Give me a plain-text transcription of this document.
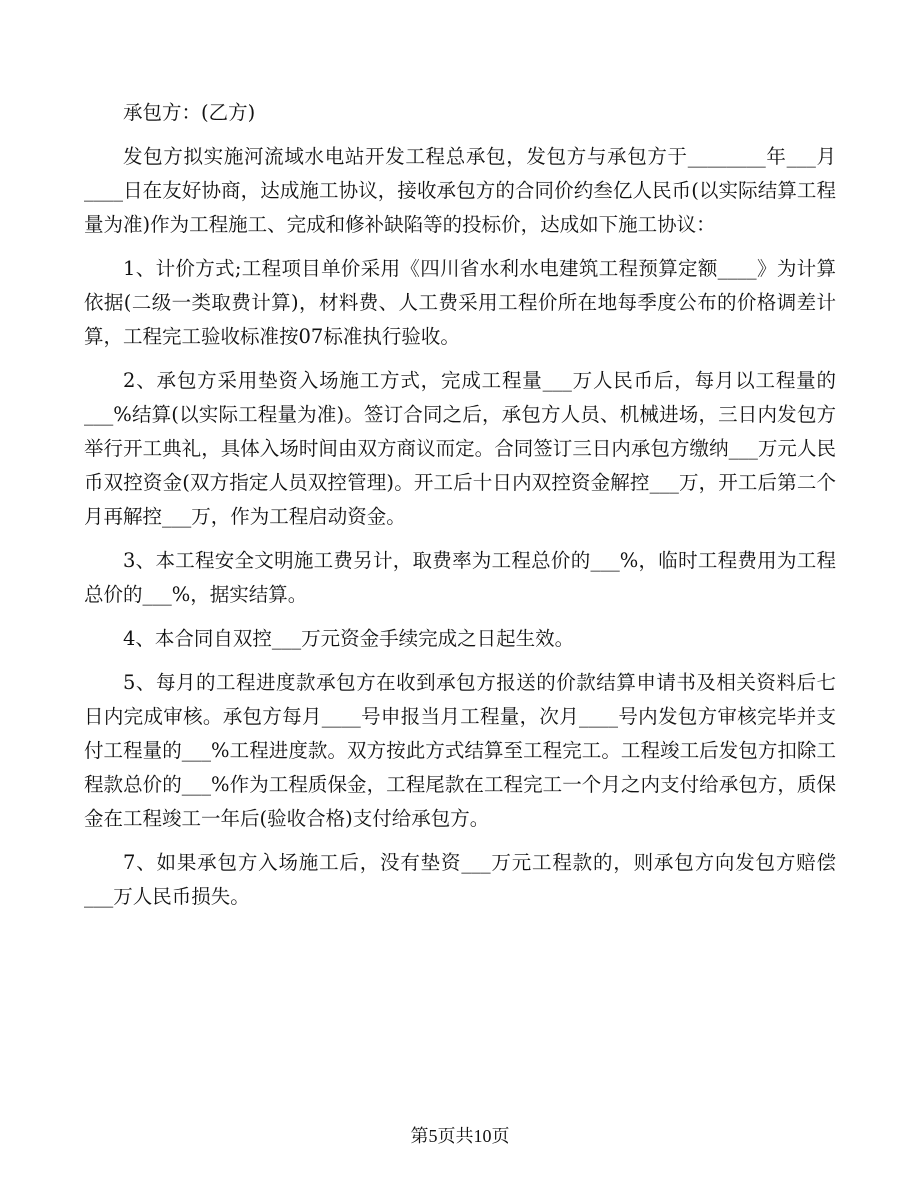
承包方：(乙方)

发包方拟实施河流域水电站开发工程总承包，发包方与承包方于________年___月____日在友好协商，达成施工协议，接收承包方的合同价约叁亿人民币(以实际结算工程量为准)作为工程施工、完成和修补缺陷等的投标价，达成如下施工协议：

1、计价方式;工程项目单价采用《四川省水利水电建筑工程预算定额____》为计算依据(二级一类取费计算)，材料费、人工费采用工程价所在地每季度公布的价格调差计算，工程完工验收标准按07标准执行验收。

2、承包方采用垫资入场施工方式，完成工程量___万人民币后，每月以工程量的___%结算(以实际工程量为准)。签订合同之后，承包方人员、机械进场，三日内发包方举行开工典礼，具体入场时间由双方商议而定。合同签订三日内承包方缴纳___万元人民币双控资金(双方指定人员双控管理)。开工后十日内双控资金解控___万，开工后第二个月再解控___万，作为工程启动资金。

3、本工程安全文明施工费另计，取费率为工程总价的___%，临时工程费用为工程总价的___%，据实结算。

4、本合同自双控___万元资金手续完成之日起生效。

5、每月的工程进度款承包方在收到承包方报送的价款结算申请书及相关资料后七日内完成审核。承包方每月____号申报当月工程量，次月____号内发包方审核完毕并支付工程量的___%工程进度款。双方按此方式结算至工程完工。工程竣工后发包方扣除工程款总价的___%作为工程质保金，工程尾款在工程完工一个月之内支付给承包方，质保金在工程竣工一年后(验收合格)支付给承包方。

7、如果承包方入场施工后，没有垫资___万元工程款的，则承包方向发包方赔偿___万人民币损失。

第5页共10页
